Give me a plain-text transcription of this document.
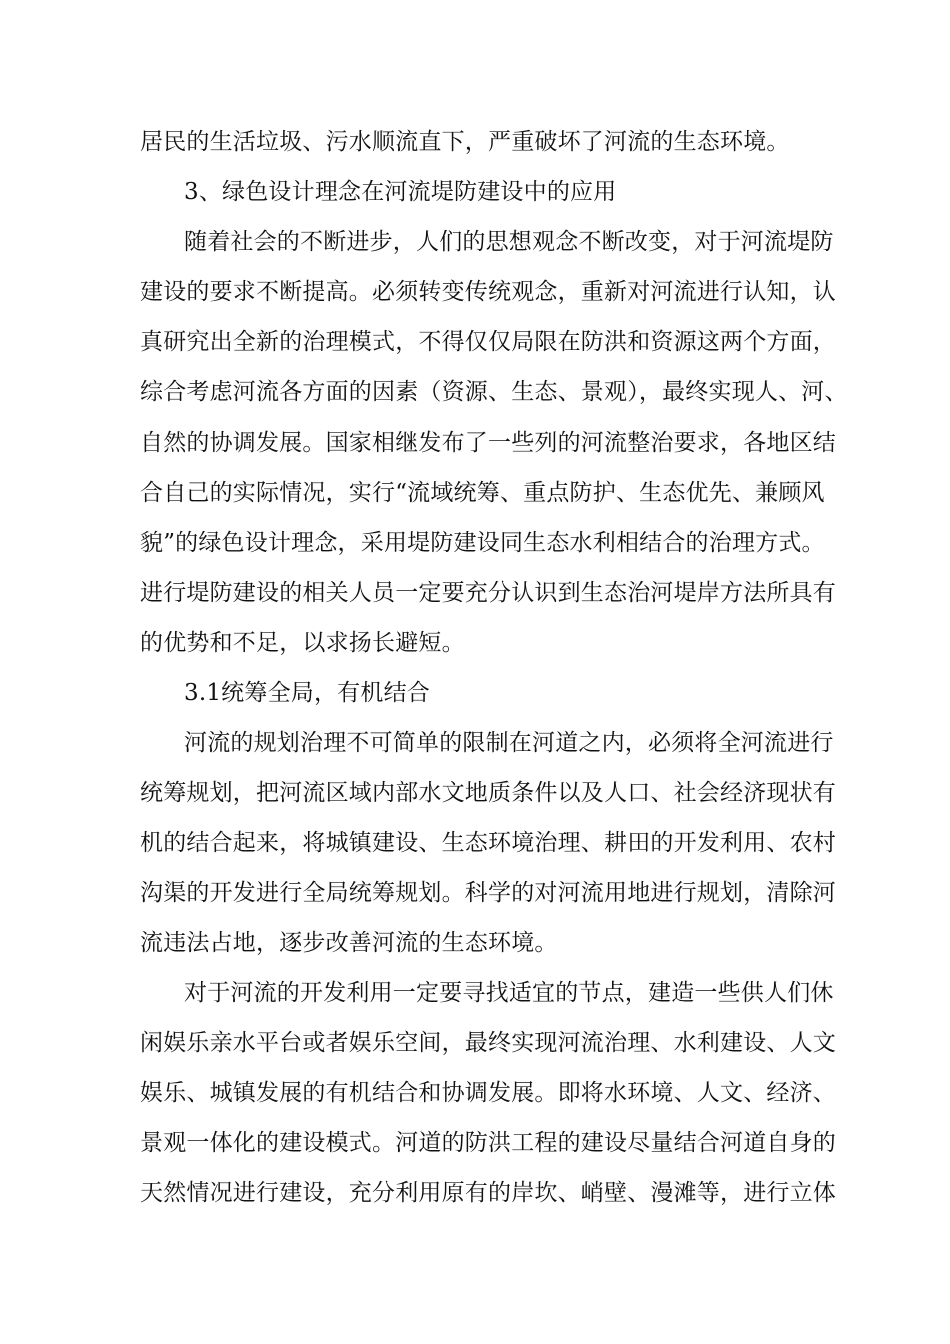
居民的生活垃圾、污水顺流直下，严重破坏了河流的生态环境。
3、绿色设计理念在河流堤防建设中的应用
随着社会的不断进步，人们的思想观念不断改变，对于河流堤防
建设的要求不断提高。必须转变传统观念，重新对河流进行认知，认
真研究出全新的治理模式，不得仅仅局限在防洪和资源这两个方面，
综合考虑河流各方面的因素（资源、生态、景观），最终实现人、河、
自然的协调发展。国家相继发布了一些列的河流整治要求，各地区结
合自己的实际情况，实行“流域统筹、重点防护、生态优先、兼顾风
貌”的绿色设计理念，采用堤防建设同生态水利相结合的治理方式。
进行堤防建设的相关人员一定要充分认识到生态治河堤岸方法所具有
的优势和不足，以求扬长避短。
3.1统筹全局，有机结合
河流的规划治理不可简单的限制在河道之内，必须将全河流进行
统筹规划，把河流区域内部水文地质条件以及人口、社会经济现状有
机的结合起来，将城镇建设、生态环境治理、耕田的开发利用、农村
沟渠的开发进行全局统筹规划。科学的对河流用地进行规划，清除河
流违法占地，逐步改善河流的生态环境。
对于河流的开发利用一定要寻找适宜的节点，建造一些供人们休
闲娱乐亲水平台或者娱乐空间，最终实现河流治理、水利建设、人文
娱乐、城镇发展的有机结合和协调发展。即将水环境、人文、经济、
景观一体化的建设模式。河道的防洪工程的建设尽量结合河道自身的
天然情况进行建设，充分利用原有的岸坎、峭壁、漫滩等，进行立体
